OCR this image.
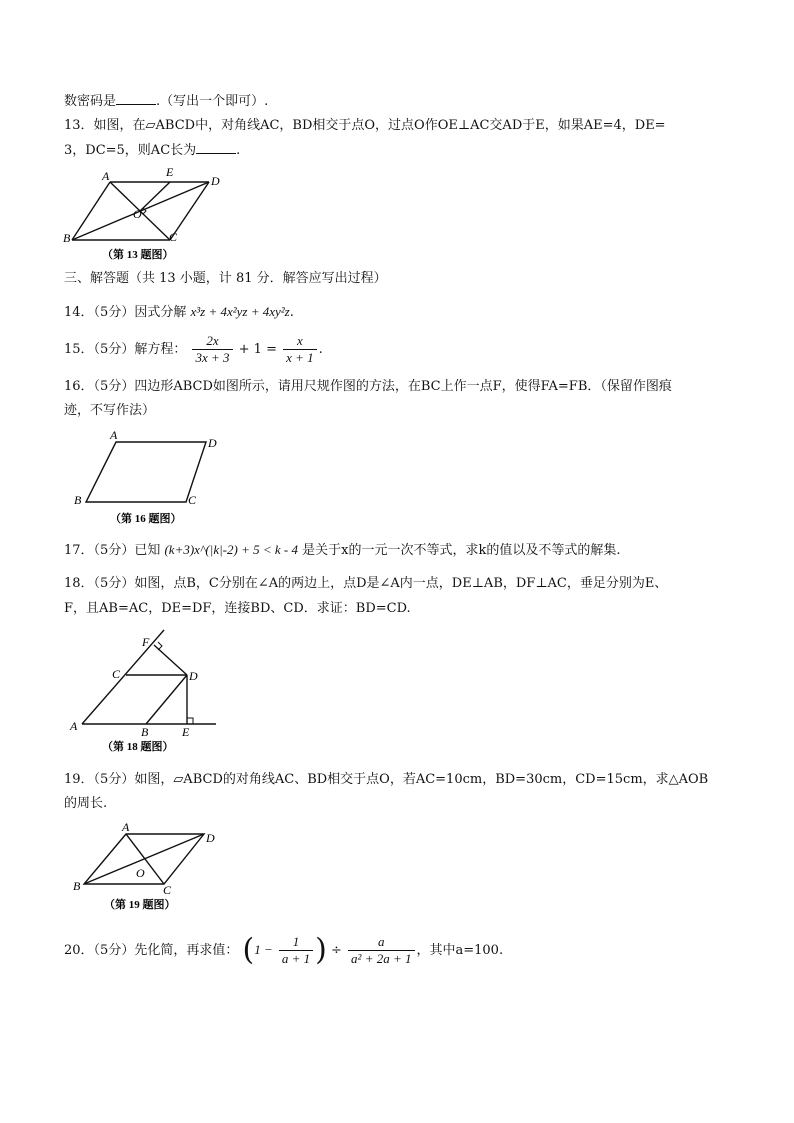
数密码是	.（写出一个即可）.
13．如图，在▱ABCD中，对角线AC，BD相交于点O，过点O作OE⊥AC交AD于E，如果AE=4，DE=
3，DC=5，则AC长为	.
A	E
D
O
B	C
（第 13 题图）
三、解答题（共 13 小题，计 81 分．解答应写出过程）
14．（5分）因式分解 x³z + 4x²yz + 4xy²z.
15．（5分）解方程： $\frac{2x}{3x + 3} + 1 = \frac{x}{x + 1}$ .
16．（5分）四边形ABCD如图所示，请用尺规作图的方法，在BC上作一点F，使得FA=FB．（保留作图痕
迹，不写作法）
A
D
B	C
（第 16 题图）
17．（5分）已知 (k+3)x^(|k|-2) + 5 < k - 4 是关于x的一元一次不等式，求k的值以及不等式的解集.
18．（5分）如图，点B，C分别在∠A的两边上，点D是∠A内一点，DE⊥AB，DF⊥AC，垂足分别为E、
F，且AB=AC，DE=DF，连接BD、CD．求证：BD=CD.
F
C	D
A	B	E
（第 18 题图）
19．（5分）如图，▱ABCD的对角线AC、BD相交于点O，若AC=10cm，BD=30cm，CD=15cm，求△AOB
的周长.
A
D
O
B	C
（第 19 题图）
20．（5分）先化简，再求值： ($1 - \frac{1}{a + 1}$ ) ÷ $\frac{a}{\text{a² + 2a + 1}}$ ，其中a=100.
